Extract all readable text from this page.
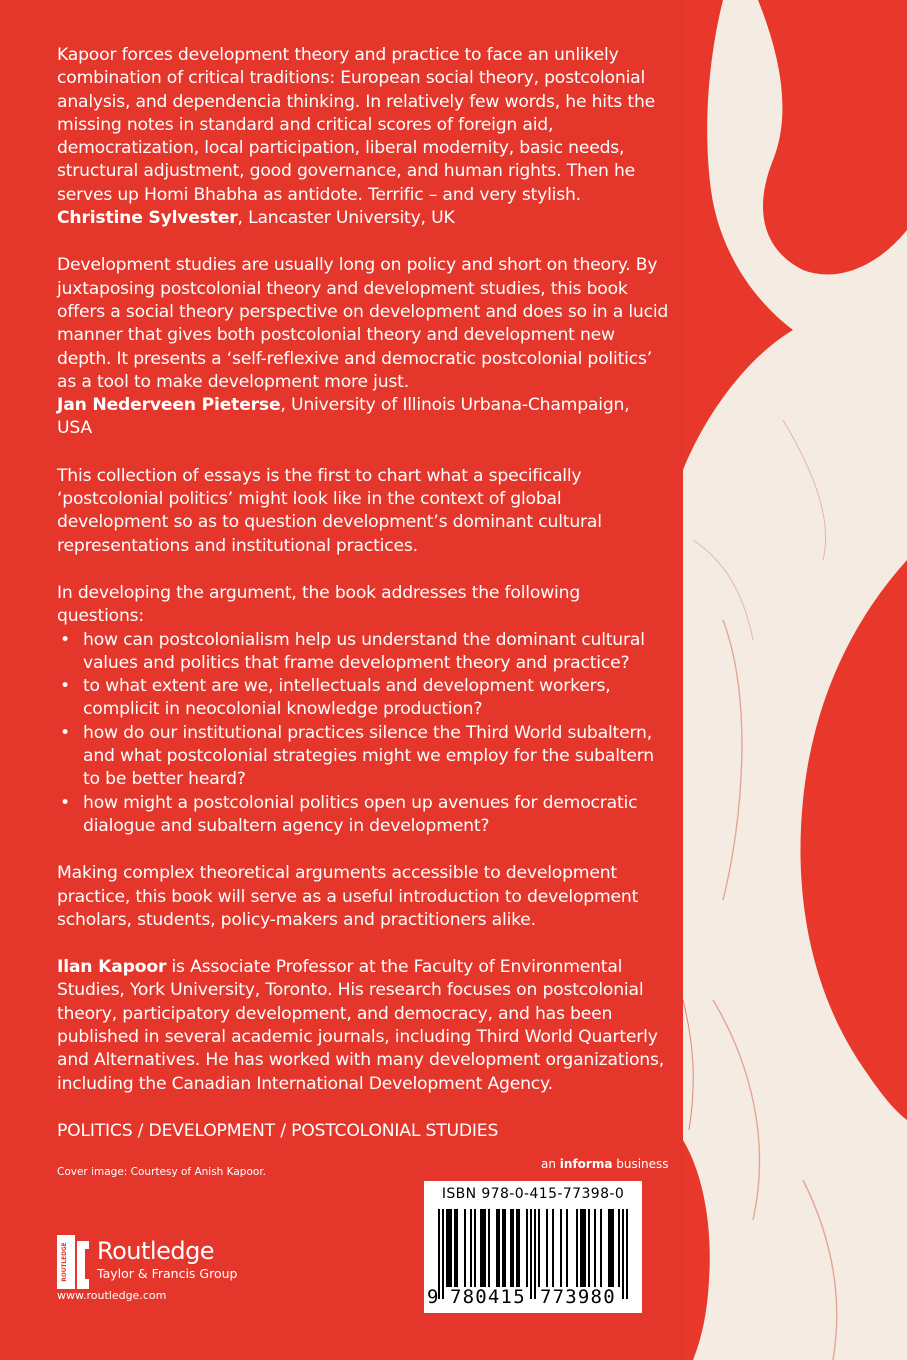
Kapoor forces development theory and practice to face an unlikely combination of critical traditions: European social theory, postcolonial analysis, and dependencia thinking. In relatively few words, he hits the missing notes in standard and critical scores of foreign aid, democratization, local participation, liberal modernity, basic needs, structural adjustment, good governance, and human rights. Then he serves up Homi Bhabha as antidote. Terrific – and very stylish.

Christine Sylvester, Lancaster University, UK

Development studies are usually long on policy and short on theory. By juxtaposing postcolonial theory and development studies, this book offers a social theory perspective on development and does so in a lucid manner that gives both postcolonial theory and development new depth. It presents a ‘self-reflexive and democratic postcolonial politics’ as a tool to make development more just.

Jan Nederveen Pieterse, University of Illinois Urbana-Champaign, USA

This collection of essays is the first to chart what a specifically ‘postcolonial politics’ might look like in the context of global development so as to question development’s dominant cultural representations and institutional practices.

In developing the argument, the book addresses the following questions:

• how can postcolonialism help us understand the dominant cultural values and politics that frame development theory and practice?
• to what extent are we, intellectuals and development workers, complicit in neocolonial knowledge production?
• how do our institutional practices silence the Third World subaltern, and what postcolonial strategies might we employ for the subaltern to be better heard?
• how might a postcolonial politics open up avenues for democratic dialogue and subaltern agency in development?

Making complex theoretical arguments accessible to development practice, this book will serve as a useful introduction to development scholars, students, policy-makers and practitioners alike.

Ilan Kapoor is Associate Professor at the Faculty of Environmental Studies, York University, Toronto. His research focuses on postcolonial theory, participatory development, and democracy, and has been published in several academic journals, including Third World Quarterly and Alternatives. He has worked with many development organizations, including the Canadian International Development Agency.

POLITICS / DEVELOPMENT / POSTCOLONIAL STUDIES

Cover image: Courtesy of Anish Kapoor.
an informa business
ROUTLEDGE Routledge
Taylor & Francis Group
www.routledge.com
ISBN 978-0-415-77398-0
9 780415 773980
